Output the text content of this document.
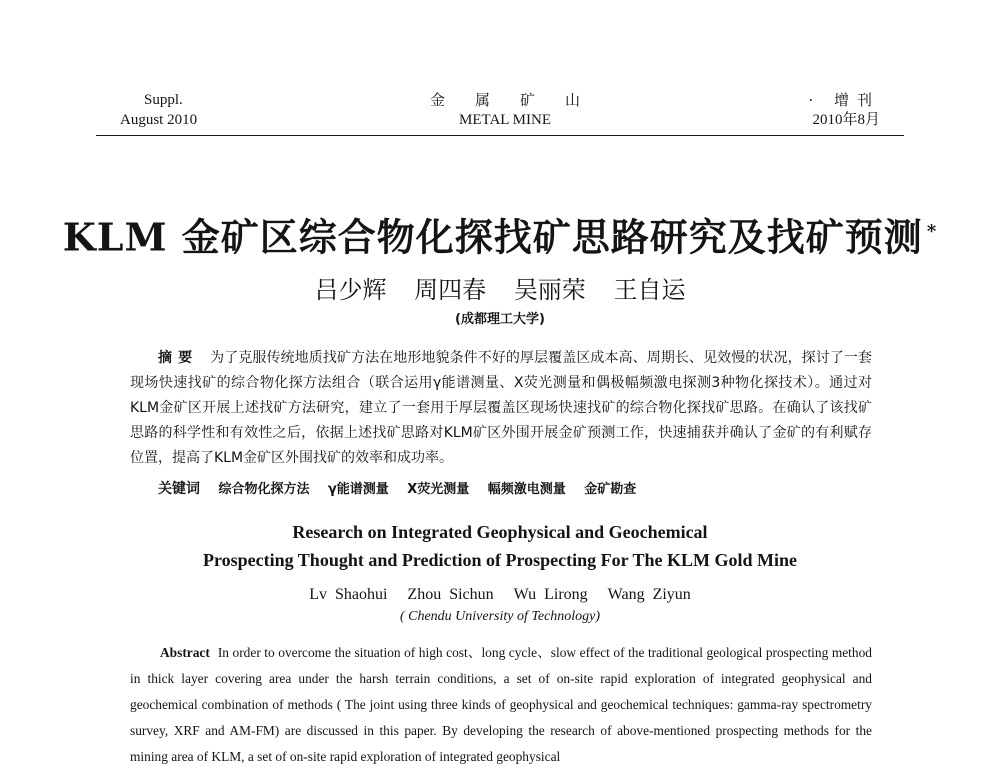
Suppl.
August 2010
金属矿山
METAL MINE
· 增刊
2010年8月
KLM 金矿区综合物化探找矿思路研究及找矿预测 *
吕少辉 周四春 吴丽荣 王自运
(成都理工大学)
摘要 为了克服传统地质找矿方法在地形地貌条件不好的厚层覆盖区成本高、周期长、见效慢的状况，探讨了一套现场快速找矿的综合物化探方法组合（联合运用γ能谱测量、X荧光测量和偶极幅频激电探测3种物化探技术）。通过对KLM金矿区开展上述找矿方法研究，建立了一套用于厚层覆盖区现场快速找矿的综合物化探找矿思路。在确认了该找矿思路的科学性和有效性之后，依据上述找矿思路对KLM矿区外围开展金矿预测工作，快速捕获并确认了金矿的有利赋存位置，提高了KLM金矿区外围找矿的效率和成功率。
关键词 综合物化探方法 γ能谱测量 X荧光测量 幅频激电测量 金矿勘查
Research on Integrated Geophysical and Geochemical
Prospecting Thought and Prediction of Prospecting For The KLM Gold Mine
Lv Shaohui Zhou Sichun Wu Lirong Wang Ziyun
( Chendu University of Technology)
Abstract In order to overcome the situation of high cost、long cycle、slow effect of the traditional geological prospecting method in thick layer covering area under the harsh terrain conditions, a set of on-site rapid exploration of integrated geophysical and geochemical combination of methods ( The joint using three kinds of geophysical and geochemical techniques: gamma-ray spectrometry survey, XRF and AM-FM) are discussed in this paper. By developing the research of above-mentioned prospecting methods for the mining area of KLM, a set of on-site rapid exploration of integrated geophysical
